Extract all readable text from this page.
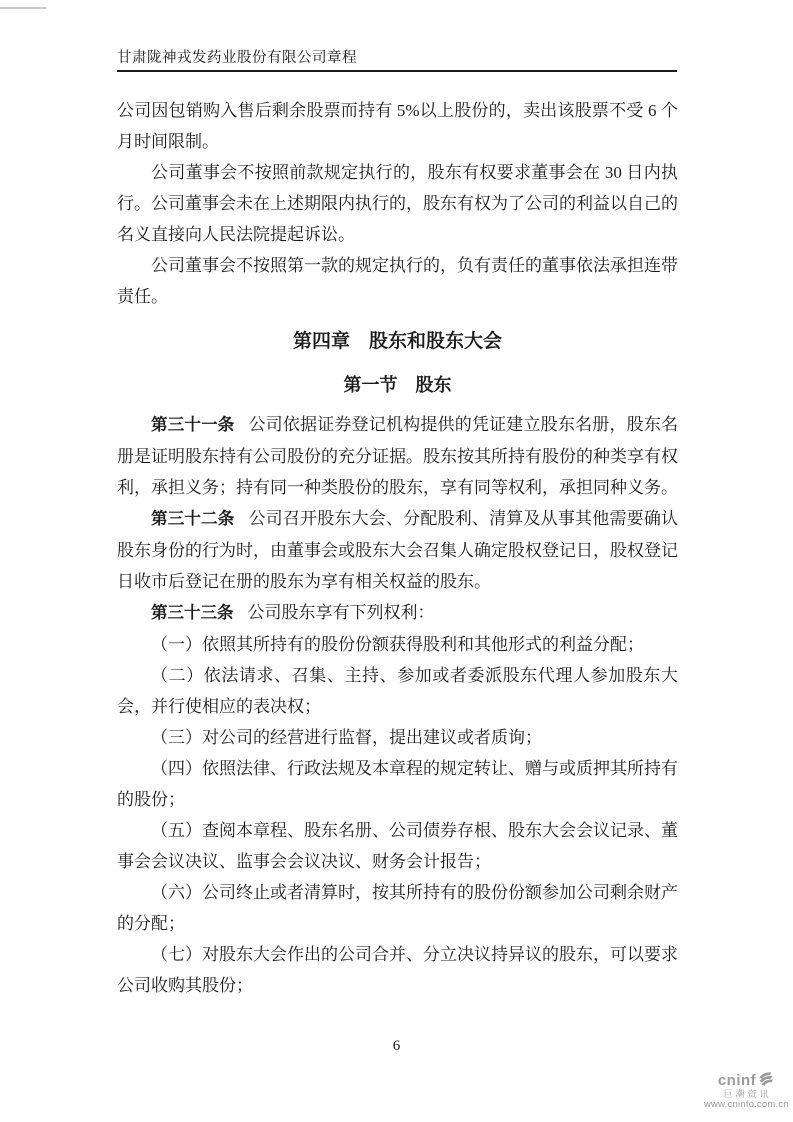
甘肃陇神戎发药业股份有限公司章程

公司因包销购入售后剩余股票而持有 5%以上股份的，卖出该股票不受 6 个月时间限制。

公司董事会不按照前款规定执行的，股东有权要求董事会在 30 日内执行。公司董事会未在上述期限内执行的，股东有权为了公司的利益以自己的名义直接向人民法院提起诉讼。

公司董事会不按照第一款的规定执行的，负有责任的董事依法承担连带责任。

第四章　股东和股东大会
第一节　股东

第三十一条 公司依据证券登记机构提供的凭证建立股东名册，股东名册是证明股东持有公司股份的充分证据。股东按其所持有股份的种类享有权利，承担义务；持有同一种类股份的股东，享有同等权利，承担同种义务。

第三十二条 公司召开股东大会、分配股利、清算及从事其他需要确认股东身份的行为时，由董事会或股东大会召集人确定股权登记日，股权登记日收市后登记在册的股东为享有相关权益的股东。

第三十三条 公司股东享有下列权利：

（一）依照其所持有的股份份额获得股利和其他形式的利益分配；

（二）依法请求、召集、主持、参加或者委派股东代理人参加股东大会，并行使相应的表决权；

（三）对公司的经营进行监督，提出建议或者质询；

（四）依照法律、行政法规及本章程的规定转让、赠与或质押其所持有的股份；

（五）查阅本章程、股东名册、公司债券存根、股东大会会议记录、董事会会议决议、监事会会议决议、财务会计报告；

（六）公司终止或者清算时，按其所持有的股份份额参加公司剩余财产的分配；

（七）对股东大会作出的公司合并、分立决议持异议的股东，可以要求公司收购其股份；

6
cninf
巨潮资讯
www.cninfo.com.cn
